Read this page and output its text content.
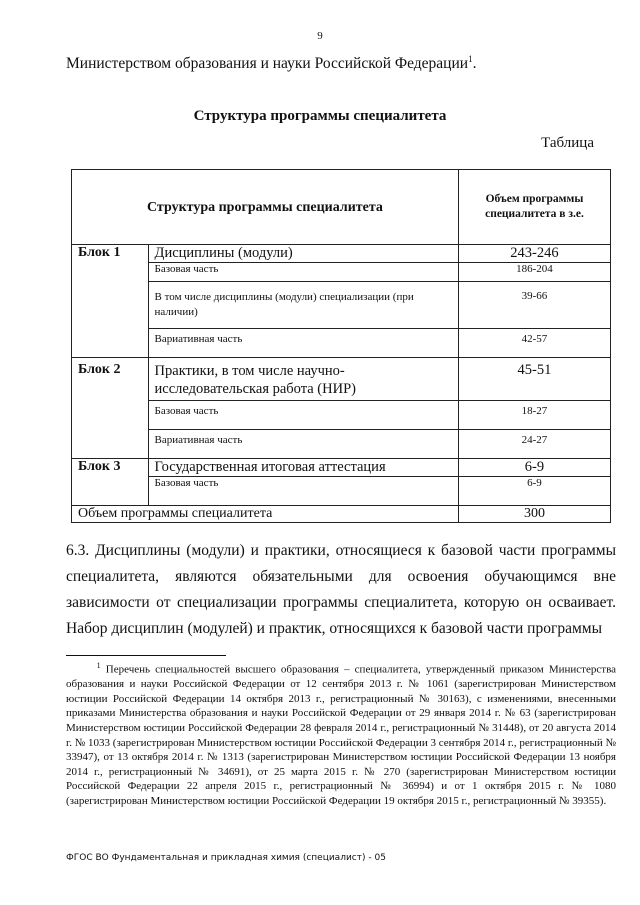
9
Министерством образования и науки Российской Федерации$^1$.
Структура программы специалитета
Таблица
Структура программы специалитета		Объем программы специалитета в з.е.
Блок 1	Дисциплины (модули)	243-246
	Базовая часть	186-204
	В том числе дисциплины (модули) специализации (при наличии)	39-66
	Вариативная часть	42-57
Блок 2	Практики, в том числе научно-исследовательская работа (НИР)	45-51
	Базовая часть	18-27
	Вариативная часть	24-27
Блок 3	Государственная итоговая аттестация	6-9
	Базовая часть	6-9
Объем программы специалитета		300
6.3. Дисциплины (модули) и практики, относящиеся к базовой части программы специалитета, являются обязательными для освоения обучающимся вне зависимости от специализации программы специалитета, которую он осваивает. Набор дисциплин (модулей) и практик, относящихся к базовой части программы
$^1$ Перечень специальностей высшего образования – специалитета, утвержденный приказом Министерства образования и науки Российской Федерации от 12 сентября 2013 г. № 1061 (зарегистрирован Министерством юстиции Российской Федерации 14 октября 2013 г., регистрационный № 30163), с изменениями, внесенными приказами Министерства образования и науки Российской Федерации от 29 января 2014 г. № 63 (зарегистрирован Министерством юстиции Российской Федерации 28 февраля 2014 г., регистрационный № 31448), от 20 августа 2014 г. № 1033 (зарегистрирован Министерством юстиции Российской Федерации 3 сентября 2014 г., регистрационный № 33947), от 13 октября 2014 г. № 1313 (зарегистрирован Министерством юстиции Российской Федерации 13 ноября 2014 г., регистрационный № 34691), от 25 марта 2015 г. № 270 (зарегистрирован Министерством юстиции Российской Федерации 22 апреля 2015 г., регистрационный № 36994) и от 1 октября 2015 г. № 1080 (зарегистрирован Министерством юстиции Российской Федерации 19 октября 2015 г., регистрационный № 39355).
ФГОС ВО Фундаментальная и прикладная химия (специалист) - 05
